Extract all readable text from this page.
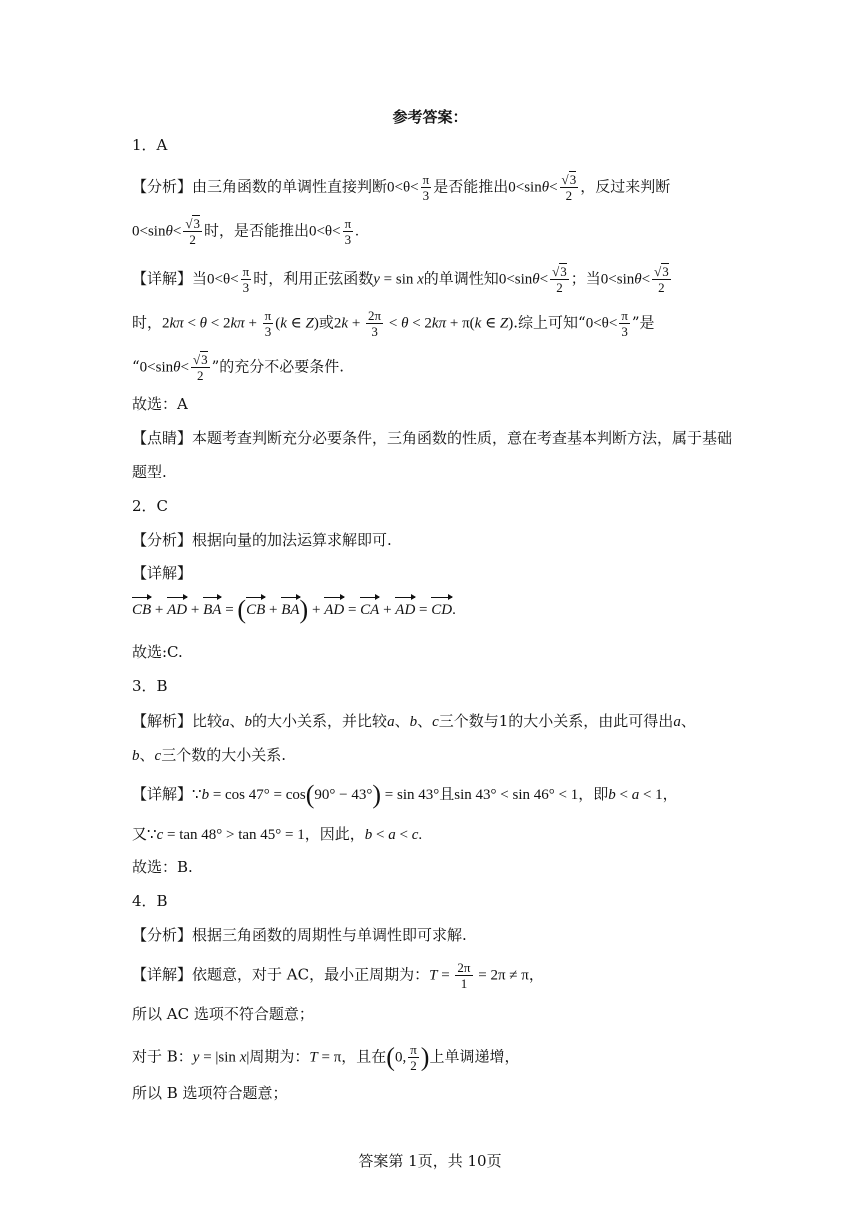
参考答案：
1．A
【分析】由三角函数的单调性直接判断$0<\theta< \frac{\pi}{3}$ 是否能推出$0<\sin\theta< \frac{√3}{2}$ ，反过来判断
$0<\sin\theta< \frac{√3}{2}$ 时，是否能推出$0<\theta< \frac{\pi}{3}$ .
【详解】当$0<\theta< \frac{\pi}{3}$ 时，利用正弦函数y = sin x的单调性知$0<\sin\theta< \frac{√3}{2}$ ；当$0<\sin\theta< \frac{√3}{2}$
时，$2k\pi < \theta < 2k\pi + \frac{\pi}{3} (k$ ∈ Z)或$2k + \frac{2\pi}{3} < \theta < 2k\pi + \pi(k$ ∈ Z).综上可知“$0<\theta< \frac{\pi}{3}$ ”是
“$0<\sin\theta< \frac{√3}{2}$ ”的充分不必要条件.
故选：A
【点睛】本题考查判断充分必要条件，三角函数的性质，意在考查基本判断方法，属于基础
题型.
2．C
【分析】根据向量的加法运算求解即可.
【详解】
CB + AD + BA = (CB + BA) + AD = CA + AD = CD.
故选:C.
3．B
【解析】比较a、b的大小关系，并比较a、b、c三个数与1的大小关系，由此可得出a、
b、c三个数的大小关系.
【详解】∵b = cos 47° = cos(90° − 43°) = sin 43°且sin 43° < sin 46° < 1，即b < a < 1，
又∵c = tan 48° > tan 45° = 1，因此，b < a < c.
故选：B.
4．B
【分析】根据三角函数的周期性与单调性即可求解.
【详解】依题意，对于 AC，最小正周期为：$T = \frac{2\pi}{1} = 2\pi \ne \pi$，
所以 AC 选项不符合题意；
对于 B：y = |sin x|周期为：T = π，且在(0, $\frac{\pi}{2}$ )上单调递增，
所以 B 选项符合题意；
答案第 1页，共 10页
